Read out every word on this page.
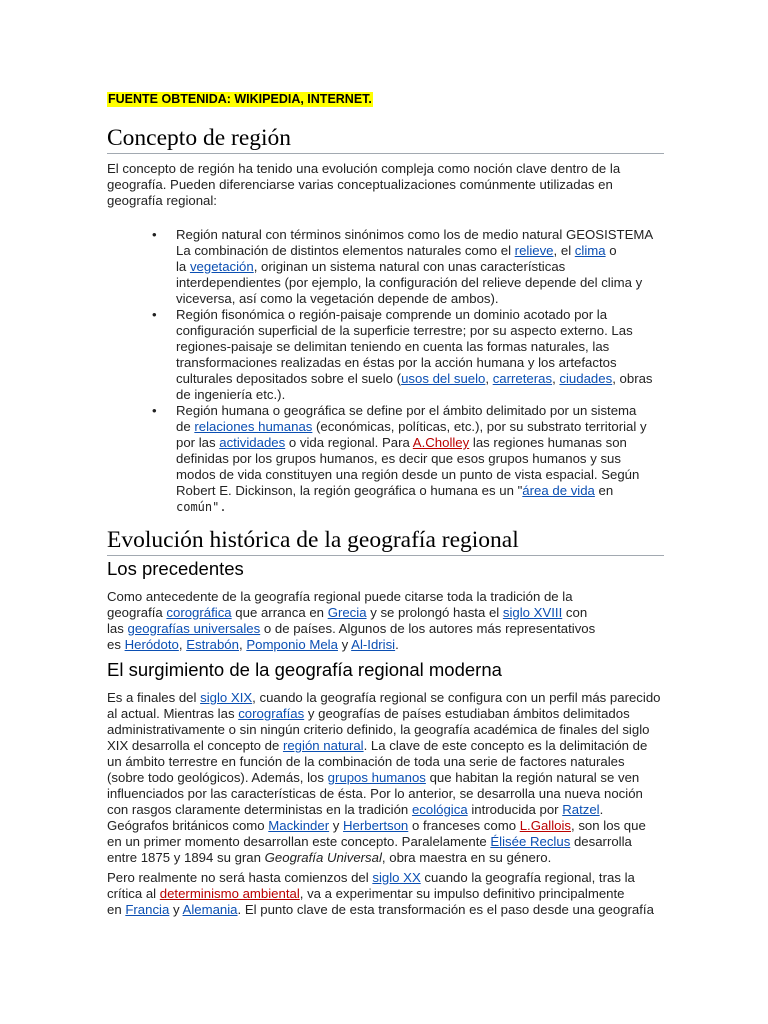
FUENTE OBTENIDA: WIKIPEDIA, INTERNET.
Concepto de región

El concepto de región ha tenido una evolución compleja como noción clave dentro de la
geografía. Pueden diferenciarse varias conceptualizaciones comúnmente utilizadas en
geografía regional:

• Región natural con términos sinónimos como los de medio natural GEOSISTEMA
La combinación de distintos elementos naturales como el relieve, el clima o
la vegetación, originan un sistema natural con unas características
interdependientes (por ejemplo, la configuración del relieve depende del clima y
viceversa, así como la vegetación depende de ambos).
• Región fisonómica o región-paisaje comprende un dominio acotado por la
configuración superficial de la superficie terrestre; por su aspecto externo. Las
regiones-paisaje se delimitan teniendo en cuenta las formas naturales, las
transformaciones realizadas en éstas por la acción humana y los artefactos
culturales depositados sobre el suelo (usos del suelo, carreteras, ciudades, obras
de ingeniería etc.).
• Región humana o geográfica se define por el ámbito delimitado por un sistema
de relaciones humanas (económicas, políticas, etc.), por su substrato territorial y
por las actividades o vida regional. Para A.Cholley las regiones humanas son
definidas por los grupos humanos, es decir que esos grupos humanos y sus
modos de vida constituyen una región desde un punto de vista espacial. Según
Robert E. Dickinson, la región geográfica o humana es un "área de vida en
común".
Evolución histórica de la geografía regional
Los precedentes

Como antecedente de la geografía regional puede citarse toda la tradición de la
geografía corográfica que arranca en Grecia y se prolongó hasta el siglo XVIII con
las geografías universales o de países. Algunos de los autores más representativos
es Heródoto, Estrabón, Pomponio Mela y Al-Idrisi.

El surgimiento de la geografía regional moderna

Es a finales del siglo XIX, cuando la geografía regional se configura con un perfil más parecido
al actual. Mientras las corografías y geografías de países estudiaban ámbitos delimitados
administrativamente o sin ningún criterio definido, la geografía académica de finales del siglo
XIX desarrolla el concepto de región natural. La clave de este concepto es la delimitación de
un ámbito terrestre en función de la combinación de toda una serie de factores naturales
(sobre todo geológicos). Además, los grupos humanos que habitan la región natural se ven
influenciados por las características de ésta. Por lo anterior, se desarrolla una nueva noción
con rasgos claramente deterministas en la tradición ecológica introducida por Ratzel.
Geógrafos británicos como Mackinder y Herbertson o franceses como L.Gallois, son los que
en un primer momento desarrollan este concepto. Paralelamente Élisée Reclus desarrolla
entre 1875 y 1894 su gran Geografía Universal, obra maestra en su género.

Pero realmente no será hasta comienzos del siglo XX cuando la geografía regional, tras la
crítica al determinismo ambiental, va a experimentar su impulso definitivo principalmente
en Francia y Alemania. El punto clave de esta transformación es el paso desde una geografía
